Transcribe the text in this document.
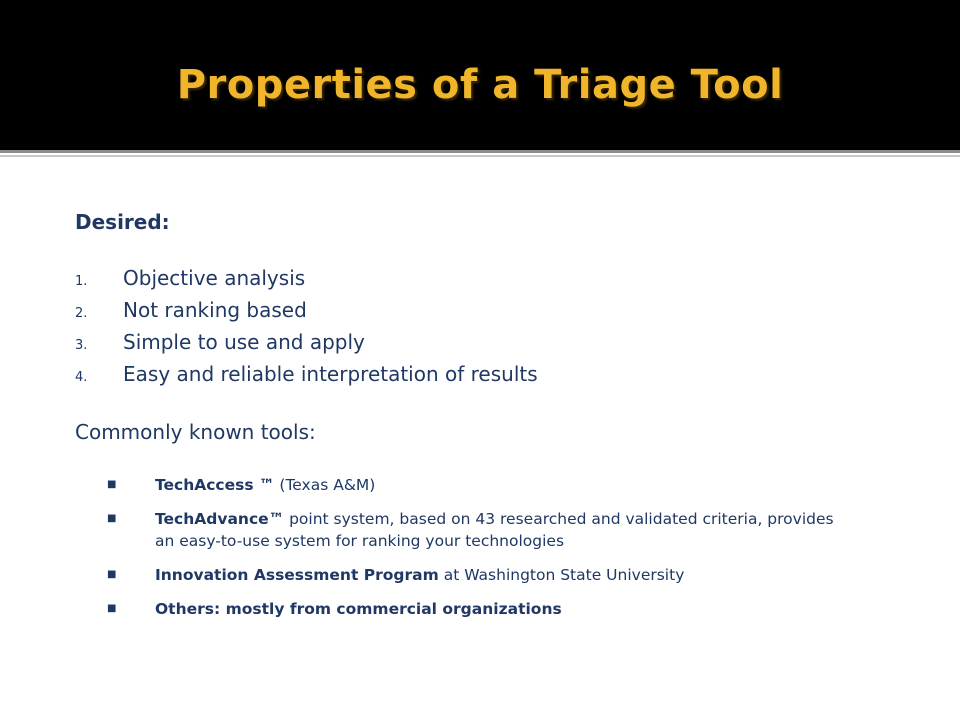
Properties of a Triage Tool
Desired:
1.	Objective analysis
2.	Not ranking based
3.	Simple to use and apply
4.	Easy and reliable interpretation of results
Commonly known tools:
■	TechAccess ™ (Texas A&M)
■	TechAdvance™ point system, based on 43 researched and validated criteria, provides an easy-to-use system for ranking your technologies
■	Innovation Assessment Program at Washington State University
■	Others: mostly from commercial organizations
